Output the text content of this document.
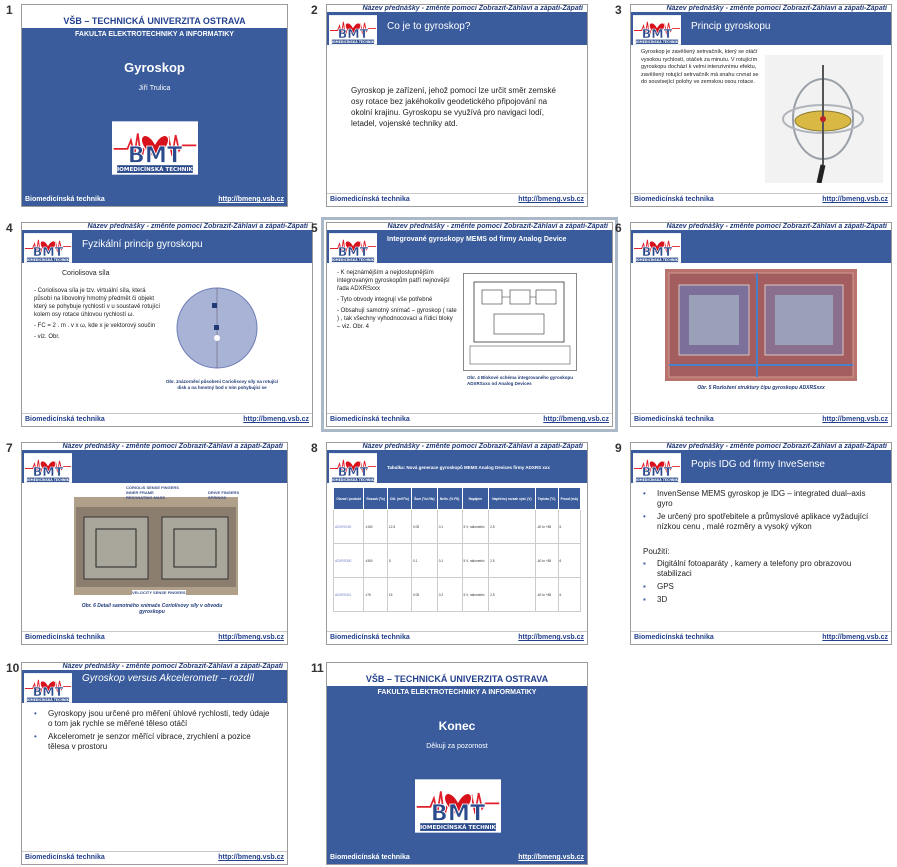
1
VŠB – TECHNICKÁ UNIVERZITA OSTRAVA
FAKULTA ELEKTROTECHNIKY A INFORMATIKY
Gyroskop
Jiří Trulica
Biomedicínská technika	http://bmeng.vsb.cz
2	Název přednášky - změnte pomocí Zobrazit-Záhlaví a zápatí-Zápatí
Co je to gyroskop?
Gyroskop je zařízení, jehož pomocí lze určit směr zemské osy rotace bez jakéhokoliv geodetického připojování na okolní krajinu. Gyroskopu se využívá pro navigaci lodí, letadel, vojenské techniky atd.
Biomedicínská technika	http://bmeng.vsb.cz
3	Název přednášky - změnte pomocí Zobrazit-Záhlaví a zápatí-Zápatí
Princip gyroskopu
Gyroskop je zavěšený setrvačník, který se otáčí vysokou rychlostí, otáček za minutu. V rotujícím gyroskopu dochází k velmi intenzivnímu efektu, zavěšený rotující setrvačník má snahu crvnat se do související polohy ve zemskou osou rotace.
Biomedicínská technika	http://bmeng.vsb.cz
4	Název přednášky - změnte pomocí Zobrazit-Záhlaví a zápatí-Zápatí
Fyzikální princip gyroskopu
Coriolisova síla
- Coriolisova síla je tzv. virtuální síla, která působí na libovolný hmotný předmět či objekt který se pohybuje rychlostí v u soustavě rotující kolem osy rotace úhlovou rychlostí ω.
- FC = 2 . m . v x ω, kde x je vektorový součin
- viz. Obr.
Obr. znázornění působení Coriolisovy síly na rotující disk a na hmotný bod v ním pohybující se
Biomedicínská technika	http://bmeng.vsb.cz
5	Název přednášky - změnte pomocí Zobrazit-Záhlaví a zápatí-Zápatí
Integrované gyroskopy MEMS od firmy Analog Device
- K nejznámějším a nejdostupnějším integrovaným gyroskopům patří nejnovější řada ADXRSxxx
- Tyto obvody integrují vše potřebné
- Obsahují samotný snímač – gyroskop ( rate ) , tak všechny vyhodnocovací a řídicí bloky – viz. Obr. 4
Obr. 4 Blokové schéma integrovaného gyroskopu ADXRSxxx od Analog Devices
Biomedicínská technika	http://bmeng.vsb.cz
6	Název přednášky - změnte pomocí Zobrazit-Záhlaví a zápatí-Zápatí
Obr. 5 Rozložení struktury čipu gyroskopu ADXRSxxx
Biomedicínská technika	http://bmeng.vsb.cz
7	Název přednášky - změnte pomocí Zobrazit-Záhlaví a zápatí-Zápatí
CORIOLIS SENSE FINGERS
INNER FRAME
RESONATING MASS
DRIVE FINGERS
SPRINGS
VELOCITY SENSE FINGERS
Obr. 6 Detail samotného snímače Coriolisovy síly v obvodu gyroskopu
Biomedicínská technika	http://bmeng.vsb.cz
8	Název přednášky - změnte pomocí Zobrazit-Záhlaví a zápatí-Zápatí
Tabulka: Nová generace gyroskopů MEMS Analog Devices firmy ADXRS xxx
Obvod / produkt	Rozsah (°/s)	Citl. (mV/°/s)	Šum (°/s/√Hz)	Nelin. (% FS)	Napájení	Napěťový rozsah výst. (V)	Teplota (°C)	Proud (mA)
ADXRS150	±150	12.5	0.05	0.1	5 V, ratiometric	2.5	-40 to +85	6
ADXRS300	±300	5	0.1	0.1	5 V, ratiometric	2.5	-40 to +85	6
ADXRS401	±75	15	0.05	0.2	5 V, ratiometric	2.5	-40 to +85	6
Biomedicínská technika	http://bmeng.vsb.cz
9	Název přednášky - změnte pomocí Zobrazit-Záhlaví a zápatí-Zápatí
Popis IDG od firmy InveSense
• InvenSense MEMS gyroskop je IDG – integrated dual–axis gyro
• Je určený pro spotřebitele a průmyslové aplikace vyžadující nízkou cenu , malé rozměry a vysoký výkon
Použití:
▪ Digitální fotoaparáty , kamery a telefony pro obrazovou stabilizaci
▪ GPS
▪ 3D
Biomedicínská technika	http://bmeng.vsb.cz
10	Název přednášky - změnte pomocí Zobrazit-Záhlaví a zápatí-Zápatí
Gyroskop versus Akcelerometr – rozdíl
• Gyroskopy jsou určené pro měření úhlové rychlosti, tedy údaje o tom jak rychle se měřené těleso otáčí
• Akcelerometr je senzor měřící vibrace, zrychlení a pozice tělesa v prostoru
Biomedicínská technika	http://bmeng.vsb.cz
11
VŠB – TECHNICKÁ UNIVERZITA OSTRAVA
FAKULTA ELEKTROTECHNIKY A INFORMATIKY
Konec
Děkuji za pozornost
Biomedicínská technika	http://bmeng.vsb.cz
